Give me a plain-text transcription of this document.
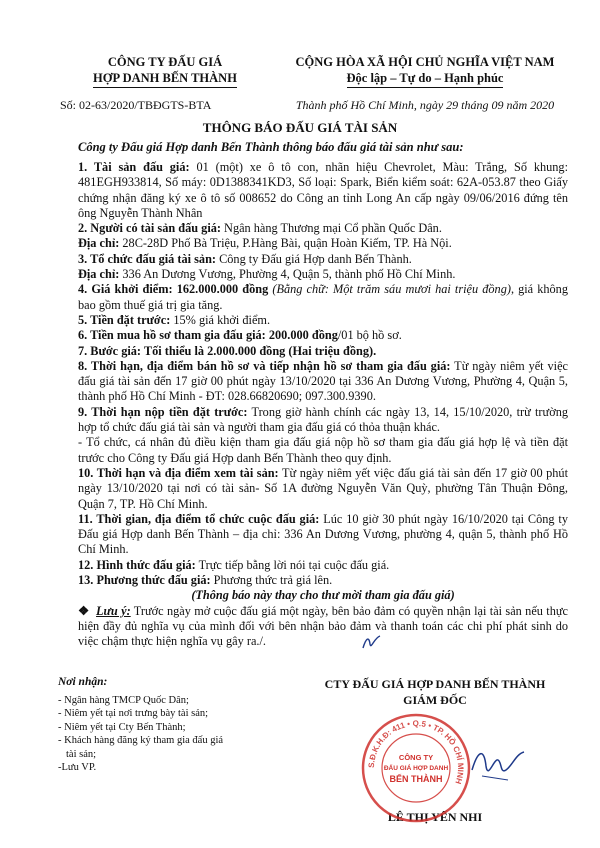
CÔNG TY ĐẤU GIÁ
HỢP DANH BẾN THÀNH
Số: 02-63/2020/TBĐGTS-BTA
CỘNG HÒA XÃ HỘI CHỦ NGHĨA VIỆT NAM
Độc lập – Tự do – Hạnh phúc
Thành phố Hồ Chí Minh, ngày 29 tháng 09 năm 2020
THÔNG BÁO ĐẤU GIÁ TÀI SẢN
Công ty Đấu giá Hợp danh Bến Thành thông báo đấu giá tài sản như sau:

1. Tài sản đấu giá: 01 (một) xe ô tô con, nhãn hiệu Chevrolet, Màu: Trắng, Số khung: 481EGH933814, Số máy: 0D1388341KD3, Số loại: Spark, Biển kiểm soát: 62A-053.87 theo Giấy chứng nhận đăng ký xe ô tô số 008652 do Công an tỉnh Long An cấp ngày 09/06/2016 đứng tên ông Nguyễn Thành Nhân

2. Người có tài sản đấu giá: Ngân hàng Thương mại Cổ phần Quốc Dân.

Địa chỉ: 28C-28D Phố Bà Triệu, P.Hàng Bài, quận Hoàn Kiếm, TP. Hà Nội.

3. Tổ chức đấu giá tài sản: Công ty Đấu giá Hợp danh Bến Thành.

Địa chỉ: 336 An Dương Vương, Phường 4, Quận 5, thành phố Hồ Chí Minh.

4. Giá khởi điểm: 162.000.000 đồng (Bằng chữ: Một trăm sáu mươi hai triệu đồng), giá không bao gồm thuế giá trị gia tăng.

5. Tiền đặt trước: 15% giá khởi điểm.

6. Tiền mua hồ sơ tham gia đấu giá: 200.000 đồng/01 bộ hồ sơ.

7. Bước giá: Tối thiểu là 2.000.000 đồng (Hai triệu đồng).

8. Thời hạn, địa điểm bán hồ sơ và tiếp nhận hồ sơ tham gia đấu giá: Từ ngày niêm yết việc đấu giá tài sản đến 17 giờ 00 phút ngày 13/10/2020 tại 336 An Dương Vương, Phường 4, Quận 5, thành phố Hồ Chí Minh - ĐT: 028.66820690; 097.300.9390.

9. Thời hạn nộp tiền đặt trước: Trong giờ hành chính các ngày 13, 14, 15/10/2020, trừ trường hợp tổ chức đấu giá tài sản và người tham gia đấu giá có thỏa thuận khác.

- Tổ chức, cá nhân đủ điều kiện tham gia đấu giá nộp hồ sơ tham gia đấu giá hợp lệ và tiền đặt trước cho Công ty Đấu giá Hợp danh Bến Thành theo quy định.

10. Thời hạn và địa điểm xem tài sản: Từ ngày niêm yết việc đấu giá tài sản đến 17 giờ 00 phút ngày 13/10/2020 tại nơi có tài sản- Số 1A đường Nguyễn Văn Quỳ, phường Tân Thuận Đông, Quận 7, TP. Hồ Chí Minh.

11. Thời gian, địa điểm tổ chức cuộc đấu giá: Lúc 10 giờ 30 phút ngày 16/10/2020 tại Công ty Đấu giá Hợp danh Bến Thành – địa chỉ: 336 An Dương Vương, phường 4, quận 5, thành phố Hồ Chí Minh.

12. Hình thức đấu giá: Trực tiếp bằng lời nói tại cuộc đấu giá.

13. Phương thức đấu giá: Phương thức trả giá lên.

(Thông báo này thay cho thư mời tham gia đấu giá)

❖ Lưu ý: Trước ngày mở cuộc đấu giá một ngày, bên bảo đảm có quyền nhận lại tài sản nếu thực hiện đầy đủ nghĩa vụ của mình đối với bên nhận bảo đảm và thanh toán các chi phí phát sinh do việc chậm thực hiện nghĩa vụ gây ra./.

Nơi nhận:
- Ngân hàng TMCP Quốc Dân;
- Niêm yết tại nơi trưng bày tài sản;
- Niêm yết tại Cty Bến Thành;
- Khách hàng đăng ký tham gia đấu giá
tài sản;
-Lưu VP.
CTY ĐẤU GIÁ HỢP DANH BẾN THÀNH
GIÁM ĐỐC
LÊ THỊ YẾN NHI
S.Đ.K.H.Đ: 411 • Q.5 • TP. HỒ CHÍ MINH
CÔNG TY
ĐẤU GIÁ HỢP DANH
BẾN THÀNH
